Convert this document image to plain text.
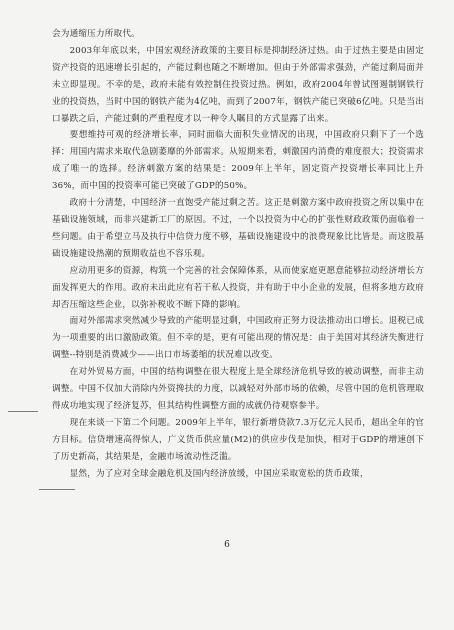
会为通缩压力所取代。

2003年年底以来，中国宏观经济政策的主要目标是抑制经济过热。由于过热主要是由固定资产投资的迅速增长引起的，产能过剩也随之不断增加。但由于外部需求强劲，产能过剩局面并未立即显现。不幸的是，政府未能有效控制住投资过热。例如，政府2004年曾试图遏制钢铁行业的投资热，当时中国的钢铁产能为4亿吨，而到了2007年，钢铁产能已突破6亿吨。只是当出口暴跌之后，产能过剩的严重程度才以一种令人瞩目的方式显露了出来。

要想维持可观的经济增长率，同时面临大面积失业情况的出现，中国政府只剩下了一个选择：用国内需求来取代急剧萎靡的外部需求。从短期来看，刺激国内消费的难度很大；投资需求成了唯一的选择。经济刺激方案的结果是：2009年上半年，固定资产投资增长率同比上升36%，而中国的投资率可能已突破了GDP的50%。

政府十分清楚，中国经济一直饱受产能过剩之苦。这正是刺激方案中政府投资之所以集中在基础设施领域，而非兴建新工厂的原因。不过，一个以投资为中心的扩张性财政政策仍面临着一些问题。由于希望立马及执行中信贷力度不够，基础设施建设中的浪费现象比比皆是。而这股基础设施建设热潮的预期收益也不容乐观。

应动用更多的资源，构筑一个完善的社会保障体系，从而使家庭更愿意能够拉动经济增长方面发挥更大的作用。政府未出此应有若干私人投资，并有助于中小企业的发展，但将多地方政府却否压缩这些企业，以弥补税收不断下降的影响。

面对外部需求突然减少导致的产能明显过剩，中国政府正努力设法推动出口增长。退税已成为一项重要的出口激励政策。但不幸的是，更有可能出现的情况是：由于美国对其经济失衡进行调整--特别是消费减少——出口市场萎缩的状况难以改变。

在对外贸易方面，中国的结构调整在很大程度上是全球经济危机导致的被动调整，而非主动调整。中国不仅加大消除内外资搀扶的力度，以减轻对外部市场的依赖，尽管中国的危机管理取得成功地实现了经济复苏，但其结构性调整方面的成就仍待观察参半。

现在来谈一下第二个问题。2009年上半年，银行新增贷款7.3万亿元人民币，超出全年的官方目标。信贷增速高得惊人，广义货币供应量(M2)的供应步伐是加快，相对于GDP的增速创下了历史新高，其结果是，金融市场流动性泛滥。

显然，为了应对全球金融危机及国内经济放缓，中国应采取宽松的货币政策，

6
